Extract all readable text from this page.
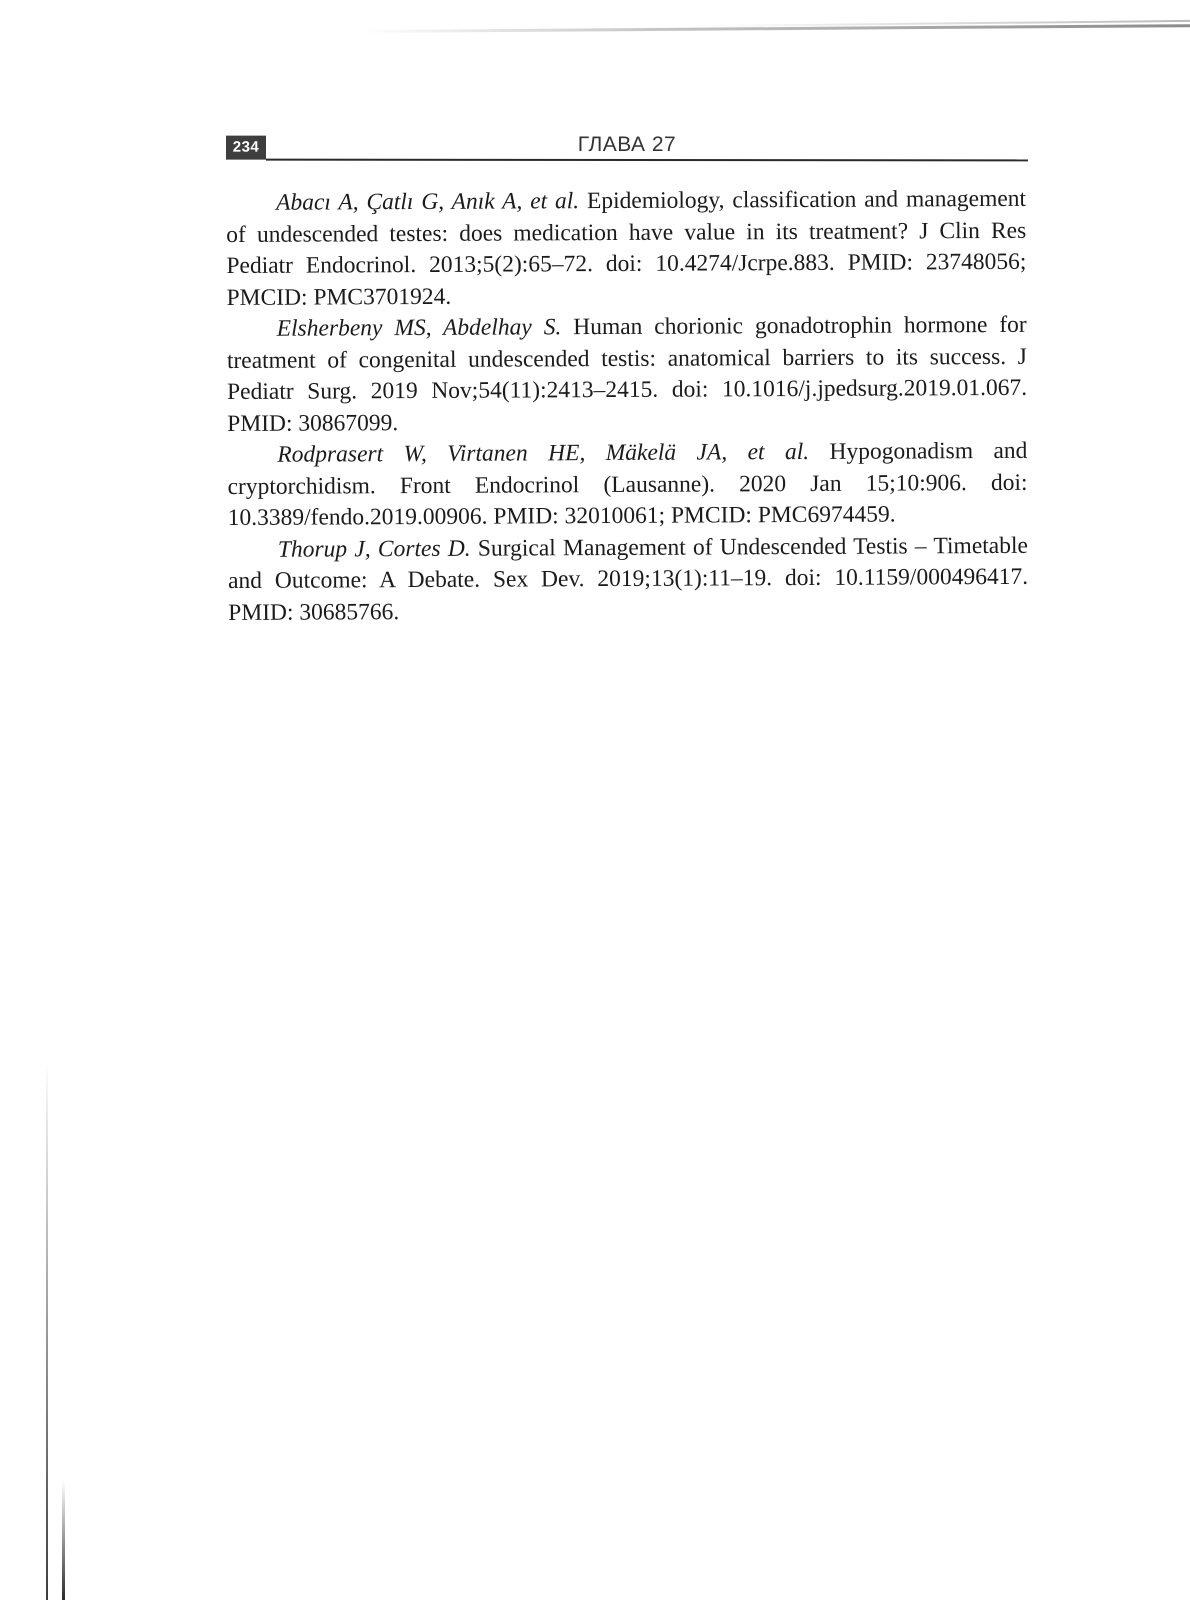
234	ГЛАВА 27

Abacı A, Çatlı G, Anık A, et al. Epidemiology, classification and management of undescended testes: does medication have value in its treatment? J Clin Res Pediatr Endocrinol. 2013;5(2):65–72. doi: 10.4274/Jcrpe.883. PMID: 23748056; PMCID: PMC3701924.

Elsherbeny MS, Abdelhay S. Human chorionic gonadotrophin hormone for treatment of congenital undescended testis: anatomical barriers to its success. J Pediatr Surg. 2019 Nov;54(11):2413–2415. doi: 10.1016/j.jpedsurg.2019.01.067. PMID: 30867099.

Rodprasert W, Virtanen HE, Mäkelä JA, et al. Hypogonadism and cryptorchidism. Front Endocrinol (Lausanne). 2020 Jan 15;10:906. doi: 10.3389/fendo.2019.00906. PMID: 32010061; PMCID: PMC6974459.

Thorup J, Cortes D. Surgical Management of Undescended Testis – Timetable and Outcome: A Debate. Sex Dev. 2019;13(1):11–19. doi: 10.1159/000496417. PMID: 30685766.
